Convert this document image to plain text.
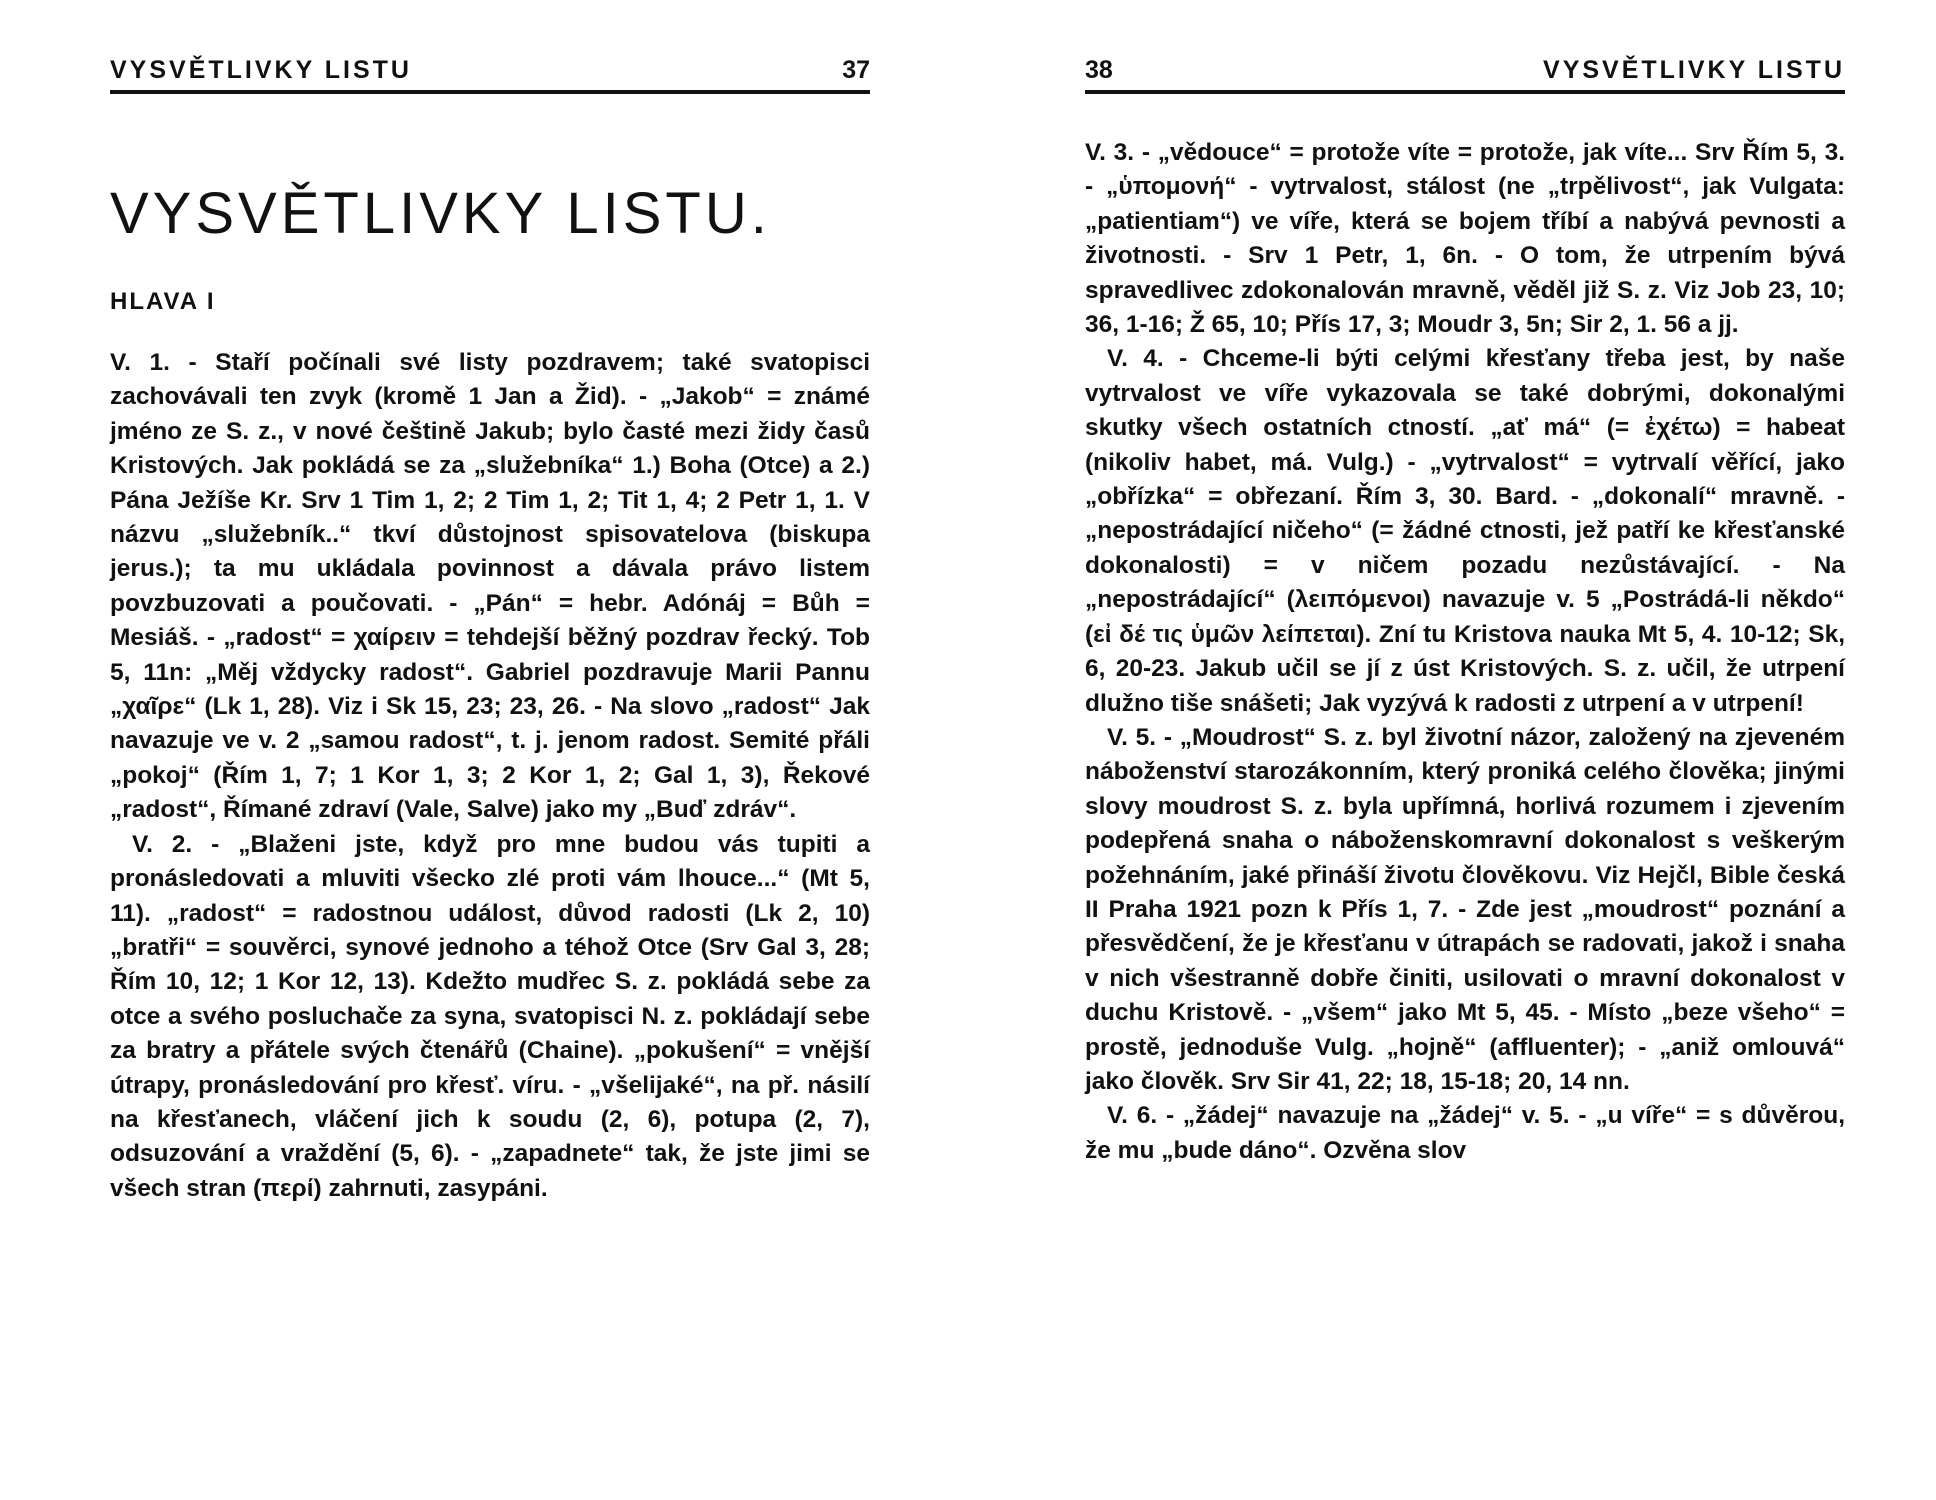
VYSVĚTLIVKY LISTU	37
VYSVĚTLIVKY LISTU.
HLAVA I

V. 1. - Staří počínali své listy pozdravem; také svatopisci zachovávali ten zvyk (kromě 1 Jan a Žid). - „Jakob“ = známé jméno ze S. z., v nové češtině Jakub; bylo časté mezi židy časů Kristových. Jak pokládá se za „služebníka“ 1.) Boha (Otce) a 2.) Pána Ježíše Kr. Srv 1 Tim 1, 2; 2 Tim 1, 2; Tit 1, 4; 2 Petr 1, 1. V názvu „služebník..“ tkví důstojnost spisovatelova (biskupa jerus.); ta mu ukládala povinnost a dávala právo listem povzbuzovati a poučovati. - „Pán“ = hebr. Adónáj = Bůh = Mesiáš. - „radost“ = χαίρειν = tehdejší běžný pozdrav řecký. Tob 5, 11n: „Měj vždycky radost“. Gabriel pozdravuje Marii Pannu „χαῖρε“ (Lk 1, 28). Viz i Sk 15, 23; 23, 26. - Na slovo „radost“ Jak navazuje ve v. 2 „samou radost“, t. j. jenom radost. Semité přáli „pokoj“ (Řím 1, 7; 1 Kor 1, 3; 2 Kor 1, 2; Gal 1, 3), Řekové „radost“, Římané zdraví (Vale, Salve) jako my „Buď zdráv“.

V. 2. - „Blaženi jste, když pro mne budou vás tupiti a pronásledovati a mluviti všecko zlé proti vám lhouce...“ (Mt 5, 11). „radost“ = radostnou událost, důvod radosti (Lk 2, 10) „bratři“ = souvěrci, synové jednoho a téhož Otce (Srv Gal 3, 28; Řím 10, 12; 1 Kor 12, 13). Kdežto mudřec S. z. pokládá sebe za otce a svého posluchače za syna, svatopisci N. z. pokládají sebe za bratry a přátele svých čtenářů (Chaine). „pokušení“ = vnější útrapy, pronásledování pro křesť. víru. - „všelijaké“, na př. násilí na křesťanech, vláčení jich k soudu (2, 6), potupa (2, 7), odsuzování a vraždění (5, 6). - „zapadnete“ tak, že jste jimi se všech stran (περί) zahrnuti, zasypáni.

38	VYSVĚTLIVKY LISTU

V. 3. - „vědouce“ = protože víte = protože, jak víte... Srv Řím 5, 3. - „ὑπομονή“ - vytrvalost, stálost (ne „trpělivost“, jak Vulgata: „patientiam“) ve víře, která se bojem tříbí a nabývá pevnosti a životnosti. - Srv 1 Petr, 1, 6n. - O tom, že utrpením bývá spravedlivec zdokonalován mravně, věděl již S. z. Viz Job 23, 10; 36, 1-16; Ž 65, 10; Přís 17, 3; Moudr 3, 5n; Sir 2, 1. 56 a jj.

V. 4. - Chceme-li býti celými křesťany třeba jest, by naše vytrvalost ve víře vykazovala se také dobrými, dokonalými skutky všech ostatních ctností. „ať má“ (= ἐχέτω) = habeat (nikoliv habet, má. Vulg.) - „vytrvalost“ = vytrvalí věřící, jako „obřízka“ = obřezaní. Řím 3, 30. Bard. - „dokonalí“ mravně. - „nepostrádající ničeho“ (= žádné ctnosti, jež patří ke křesťanské dokonalosti) = v ničem pozadu nezůstávající. - Na „nepostrádající“ (λειπόμενοι) navazuje v. 5 „Postrádá-li někdo“ (εἰ δέ τις ὑμῶν λείπεται). Zní tu Kristova nauka Mt 5, 4. 10-12; Sk, 6, 20-23. Jakub učil se jí z úst Kristových. S. z. učil, že utrpení dlužno tiše snášeti; Jak vyzývá k radosti z utrpení a v utrpení!

V. 5. - „Moudrost“ S. z. byl životní názor, založený na zjeveném náboženství starozákonním, který proniká celého člověka; jinými slovy moudrost S. z. byla upřímná, horlivá rozumem i zjevením podepřená snaha o náboženskomravní dokonalost s veškerým požehnáním, jaké přináší životu člověkovu. Viz Hejčl, Bible česká II Praha 1921 pozn k Přís 1, 7. - Zde jest „moudrost“ poznání a přesvědčení, že je křesťanu v útrapách se radovati, jakož i snaha v nich všestranně dobře činiti, usilovati o mravní dokonalost v duchu Kristově. - „všem“ jako Mt 5, 45. - Místo „beze všeho“ = prostě, jednoduše Vulg. „hojně“ (affluenter); - „aniž omlouvá“ jako člověk. Srv Sir 41, 22; 18, 15-18; 20, 14 nn.

V. 6. - „žádej“ navazuje na „žádej“ v. 5. - „u víře“ = s důvěrou, že mu „bude dáno“. Ozvěna slov
